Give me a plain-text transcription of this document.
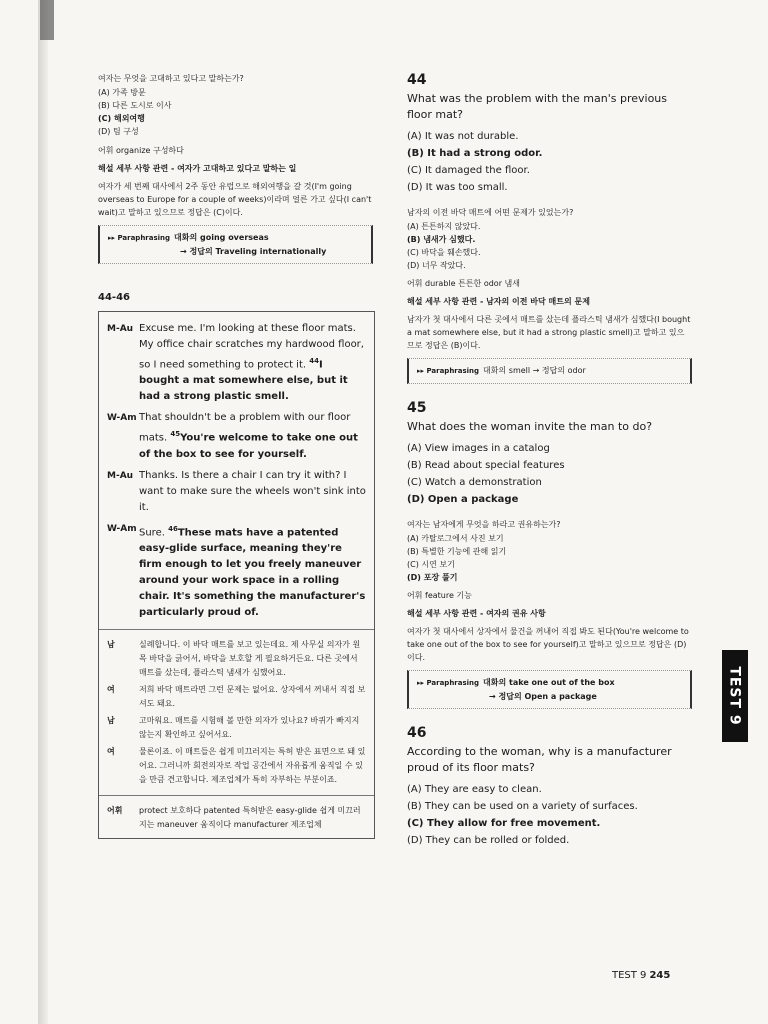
여자는 무엇을 고대하고 있다고 말하는가?
(A) 가족 방문
(B) 다른 도시로 이사
(C) 해외여행
(D) 팀 구성
어휘 organize 구성하다
해설 세부 사항 관련 - 여자가 고대하고 있다고 말하는 일
여자가 세 번째 대사에서 2주 동안 유럽으로 해외여행을 갈 것(I'm going overseas to Europe for a couple of weeks)이라며 얼른 가고 싶다(I can't wait)고 말하고 있으므로 정답은 (C)이다.
▸▸ Paraphrasing 대화의 going overseas
→ 정답의 Traveling internationally
44-46
M-Au Excuse me. I'm looking at these floor mats. My office chair scratches my hardwood floor, so I need something to protect it. $^{44}$I bought a mat somewhere else, but it had a strong plastic smell.
W-Am That shouldn't be a problem with our floor mats. $^{45}$You're welcome to take one out of the box to see for yourself.
M-Au Thanks. Is there a chair I can try it with? I want to make sure the wheels won't sink into it.
W-Am Sure. $^{46}$These mats have a patented easy-glide surface, meaning they're firm enough to let you freely maneuver around your work space in a rolling chair. It's something the manufacturer's particularly proud of.
남	실례합니다. 이 바닥 매트를 보고 있는데요. 제 사무실 의자가 원목 바닥을 긁어서, 바닥을 보호할 게 필요하거든요. 다른 곳에서 매트를 샀는데, 플라스틱 냄새가 심했어요.
여	저희 바닥 매트라면 그런 문제는 없어요. 상자에서 꺼내서 직접 보셔도 돼요.
남	고마워요. 매트를 시험해 볼 만한 의자가 있나요? 바퀴가 빠지지 않는지 확인하고 싶어서요.
여	물론이죠. 이 매트들은 쉽게 미끄러지는 특허 받은 표면으로 돼 있어요. 그러니까 회전의자로 작업 공간에서 자유롭게 움직일 수 있을 만큼 견고합니다. 제조업체가 특히 자부하는 부분이죠.
어휘	protect 보호하다 patented 특허받은 easy-glide 쉽게 미끄러지는 maneuver 움직이다 manufacturer 제조업체
44
What was the problem with the man's previous floor mat?
(A) It was not durable.
(B) It had a strong odor.
(C) It damaged the floor.
(D) It was too small.
남자의 이전 바닥 매트에 어떤 문제가 있었는가?
(A) 튼튼하지 않았다.
(B) 냄새가 심했다.
(C) 바닥을 훼손했다.
(D) 너무 작았다.
어휘 durable 튼튼한 odor 냄새
해설 세부 사항 관련 - 남자의 이전 바닥 매트의 문제
남자가 첫 대사에서 다른 곳에서 매트를 샀는데 플라스틱 냄새가 심했다(I bought a mat somewhere else, but it had a strong plastic smell)고 말하고 있으므로 정답은 (B)이다.
▸▸ Paraphrasing 대화의 smell → 정답의 odor
45
What does the woman invite the man to do?
(A) View images in a catalog
(B) Read about special features
(C) Watch a demonstration
(D) Open a package
여자는 남자에게 무엇을 하라고 권유하는가?
(A) 카탈로그에서 사진 보기
(B) 특별한 기능에 관해 읽기
(C) 시연 보기
(D) 포장 풀기
어휘 feature 기능
해설 세부 사항 관련 - 여자의 권유 사항
여자가 첫 대사에서 상자에서 물건을 꺼내어 직접 봐도 된다(You're welcome to take one out of the box to see for yourself)고 말하고 있으므로 정답은 (D)이다.
▸▸ Paraphrasing 대화의 take one out of the box
→ 정답의 Open a package
46
According to the woman, why is a manufacturer proud of its floor mats?
(A) They are easy to clean.
(B) They can be used on a variety of surfaces.
(C) They allow for free movement.
(D) They can be rolled or folded.
TEST 9
TEST 9 245
